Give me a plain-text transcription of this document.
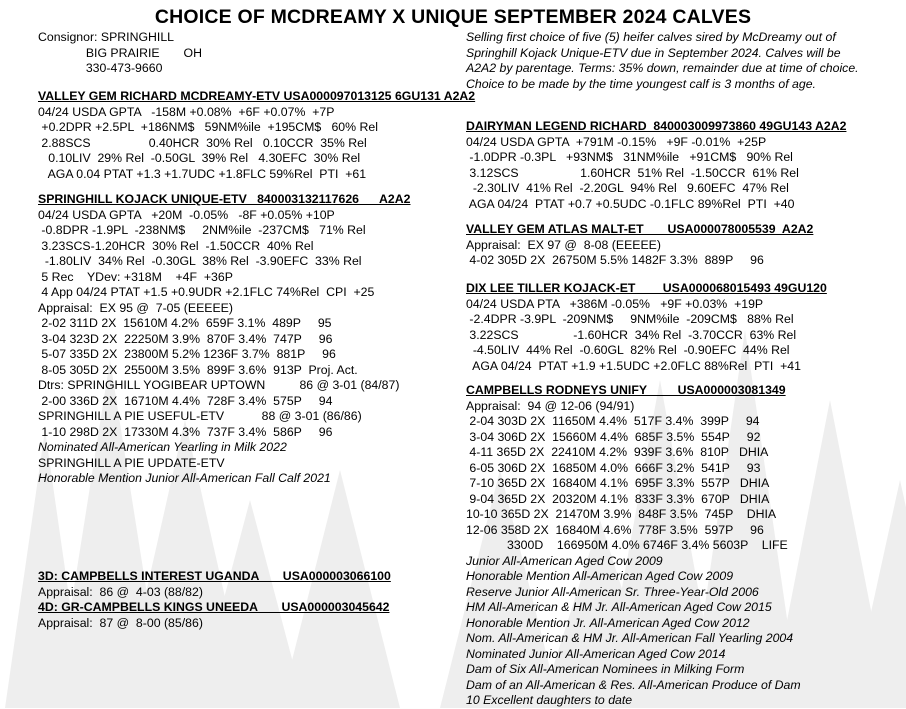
CHOICE OF MCDREAMY X UNIQUE SEPTEMBER 2024 CALVES
Consignor: SPRINGHILL
BIG PRAIRIE       OH
330-473-9660
VALLEY GEM RICHARD MCDREAMY-ETV USA000097013125 6GU131 A2A2
04/24 USDA GPTA   -158M +0.08%  +6F +0.07%  +7P
+0.2DPR +2.5PL  +186NM$   59NM%ile  +195CM$   60% Rel
2.88SCS                 0.40HCR  30% Rel   0.10CCR  35% Rel
0.10LIV  29% Rel  -0.50GL  39% Rel   4.30EFC  30% Rel
AGA 0.04 PTAT +1.3 +1.7UDC +1.8FLC 59%Rel  PTI  +61
SPRINGHILL KOJACK UNIQUE-ETV   840003132117626      A2A2
04/24 USDA GPTA   +20M  -0.05%   -8F +0.05% +10P
-0.8DPR -1.9PL  -238NM$     2NM%ile  -237CM$   71% Rel
3.23SCS-1.20HCR  30% Rel  -1.50CCR  40% Rel
-1.80LIV  34% Rel  -0.30GL  38% Rel  -3.90EFC  33% Rel
5 Rec    YDev: +318M    +4F  +36P
4 App 04/24 PTAT +1.5 +0.9UDR +2.1FLC 74%Rel  CPI  +25
Appraisal:  EX 95 @  7-05 (EEEEE)
2-02 311D 2X  15610M 4.2%  659F 3.1%  489P     95
3-04 323D 2X  22250M 3.9%  870F 3.4%  747P     96
5-07 335D 2X  23800M 5.2% 1236F 3.7%  881P     96
8-05 305D 2X  25500M 3.5%  899F 3.6%  913P  Proj. Act.
Dtrs: SPRINGHILL YOGIBEAR UPTOWN          86 @ 3-01 (84/87)
2-00 336D 2X  16710M 4.4%  728F 3.4%  575P     94
SPRINGHILL A PIE USEFUL-ETV           88 @ 3-01 (86/86)
1-10 298D 2X  17330M 4.3%  737F 3.4%  586P     96
Nominated All-American Yearling in Milk 2022
SPRINGHILL A PIE UPDATE-ETV
Honorable Mention Junior All-American Fall Calf 2021
3D: CAMPBELLS INTEREST UGANDA       USA000003066100
Appraisal:  86 @  4-03 (88/82)
4D: GR-CAMPBELLS KINGS UNEEDA       USA000003045642
Appraisal:  87 @  8-00 (85/86)
Selling first choice of five (5) heifer calves sired by McDreamy out of Springhill Kojack Unique-ETV due in September 2024. Calves will be A2A2 by parentage. Terms: 35% down, remainder due at time of choice. Choice to be made by the time youngest calf is 3 months of age.
DAIRYMAN LEGEND RICHARD  840003009973860 49GU143 A2A2
04/24 USDA GPTA  +791M -0.15%   +9F -0.01%  +25P
-1.0DPR -0.3PL   +93NM$   31NM%ile   +91CM$   90% Rel
3.12SCS                  1.60HCR  51% Rel  -1.50CCR  61% Rel
-2.30LIV  41% Rel  -2.20GL  94% Rel   9.60EFC  47% Rel
AGA 04/24  PTAT +0.7 +0.5UDC -0.1FLC 89%Rel  PTI  +40
VALLEY GEM ATLAS MALT-ET       USA000078005539  A2A2
Appraisal:  EX 97 @  8-08 (EEEEE)
4-02 305D 2X  26750M 5.5% 1482F 3.3%  889P     96
DIX LEE TILLER KOJACK-ET        USA000068015493 49GU120
04/24 USDA PTA   +386M -0.05%   +9F +0.03%  +19P
-2.4DPR -3.9PL  -209NM$     9NM%ile  -209CM$   88% Rel
3.22SCS                -1.60HCR  34% Rel  -3.70CCR  63% Rel
-4.50LIV  44% Rel  -0.60GL  82% Rel  -0.90EFC  44% Rel
AGA 04/24  PTAT +1.9 +1.5UDC +2.0FLC 88%Rel  PTI  +41
CAMPBELLS RODNEYS UNIFY         USA000003081349
Appraisal:  94 @ 12-06 (94/91)
2-04 303D 2X  11650M 4.4%  517F 3.4%  399P     94
3-04 306D 2X  15660M 4.4%  685F 3.5%  554P     92
4-11 365D 2X  22410M 4.2%  939F 3.6%  810P   DHIA
6-05 306D 2X  16850M 4.0%  666F 3.2%  541P     93
7-10 365D 2X  16840M 4.1%  695F 3.3%  557P   DHIA
9-04 365D 2X  20320M 4.1%  833F 3.3%  670P   DHIA
10-10 365D 2X  21470M 3.9%  848F 3.5%  745P    DHIA
12-06 358D 2X  16840M 4.6%  778F 3.5%  597P     96
3300D    166950M 4.0% 6746F 3.4% 5603P    LIFE
Junior All-American Aged Cow 2009
Honorable Mention All-American Aged Cow 2009
Reserve Junior All-American Sr. Three-Year-Old 2006
HM All-American & HM Jr. All-American Aged Cow 2015
Honorable Mention Jr. All-American Aged Cow 2012
Nom. All-American & HM Jr. All-American Fall Yearling 2004
Nominated Junior All-American Aged Cow 2014
Dam of Six All-American Nominees in Milking Form
Dam of an All-American & Res. All-American Produce of Dam
10 Excellent daughters to date
